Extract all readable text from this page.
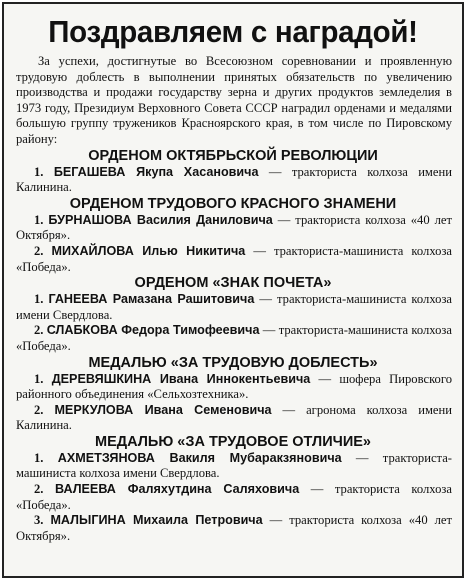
Поздравляем с наградой!

За успехи, достигнутые во Всесоюзном соревновании и проявленную трудовую доблесть в выполнении принятых обязательств по увеличению производства и продажи государству зерна и других продуктов земледелия в 1973 году, Президиум Верховного Совета СССР наградил орденами и медалями большую группу тружеников Красноярского края, в том числе по Пировскому району:

ОРДЕНОМ ОКТЯБРЬСКОЙ РЕВОЛЮЦИИ

1. БЕГАШЕВА Якупа Хасановича — тракториста колхоза имени Калинина.

ОРДЕНОМ ТРУДОВОГО КРАСНОГО ЗНАМЕНИ

1. БУРНАШОВА Василия Даниловича — тракториста колхоза «40 лет Октября».

2. МИХАЙЛОВА Илью Никитича — тракториста-машиниста колхоза «Победа».

ОРДЕНОМ «ЗНАК ПОЧЕТА»

1. ГАНЕЕВА Рамазана Рашитовича — тракториста-машиниста колхоза имени Свердлова.

2. СЛАБКОВА Федора Тимофеевича — тракториста-машиниста колхоза «Победа».

МЕДАЛЬЮ «ЗА ТРУДОВУЮ ДОБЛЕСТЬ»

1. ДЕРЕВЯШКИНА Ивана Иннокентьевича — шофера Пировского районного объединения «Сельхозтехника».

2. МЕРКУЛОВА Ивана Семеновича — агронома колхоза имени Калинина.

МЕДАЛЬЮ «ЗА ТРУДОВОЕ ОТЛИЧИЕ»

1. АХМЕТЗЯНОВА Вакиля Мубаракзяновича — тракториста-машиниста колхоза имени Свердлова.

2. ВАЛЕЕВА Фаляхутдина Саляховича — тракториста колхоза «Победа».

3. МАЛЫГИНА Михаила Петровича — тракториста колхоза «40 лет Октября».
